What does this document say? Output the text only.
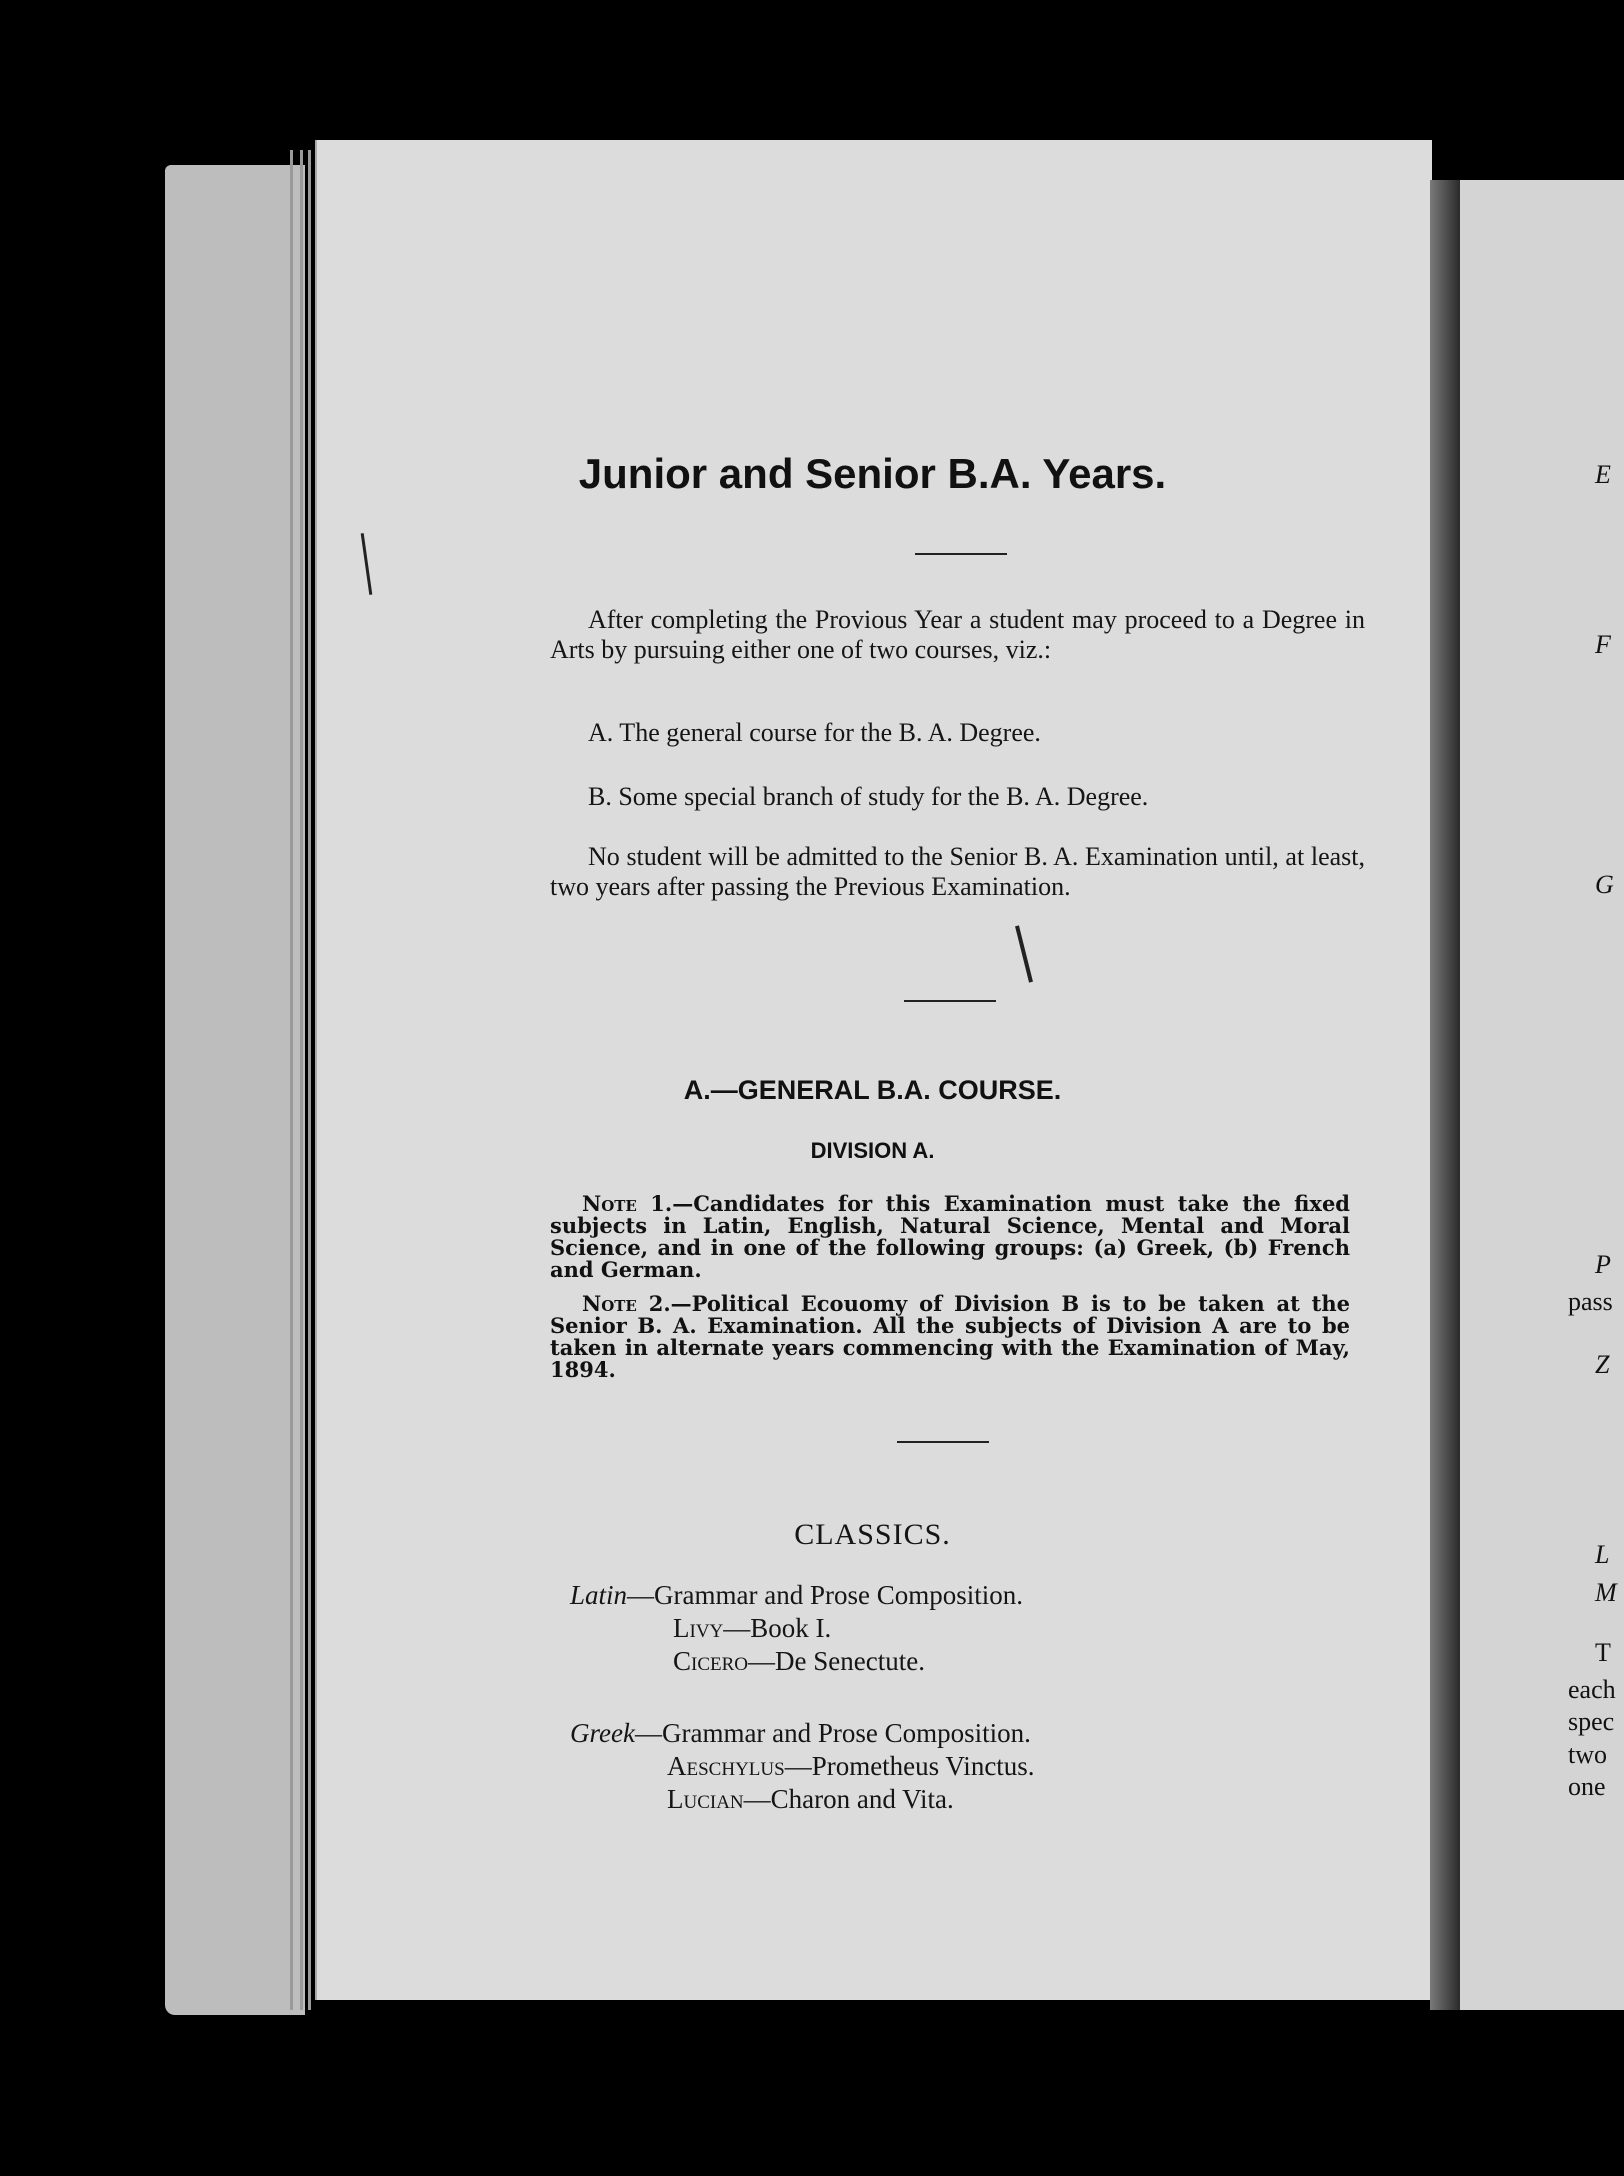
E
F
G
P
pass
Z
L
M
T
each
spec
two
one
Junior and Senior B.A. Years.
After completing the Provious Year a student may proceed to a Degree in Arts by pursuing either one of two courses, viz.:
A. The general course for the B. A. Degree.
B. Some special branch of study for the B. A. Degree.
No student will be admitted to the Senior B. A. Examination until, at least, two years after passing the Previous Examination.
A.—GENERAL B.A. COURSE.
DIVISION A.
Note 1.—Candidates for this Examination must take the fixed subjects in Latin, English, Natural Science, Mental and Moral Science, and in one of the following groups: (a) Greek, (b) French and German.
Note 2.—Political Ecouomy of Division B is to be taken at the Senior B. A. Examination. All the subjects of Division A are to be taken in alternate years commencing with the Examination of May, 1894.
CLASSICS.
Latin—Grammar and Prose Composition.
Livy—Book I.
Cicero—De Senectute.
Greek—Grammar and Prose Composition.
Aeschylus—Prometheus Vinctus.
Lucian—Charon and Vita.
